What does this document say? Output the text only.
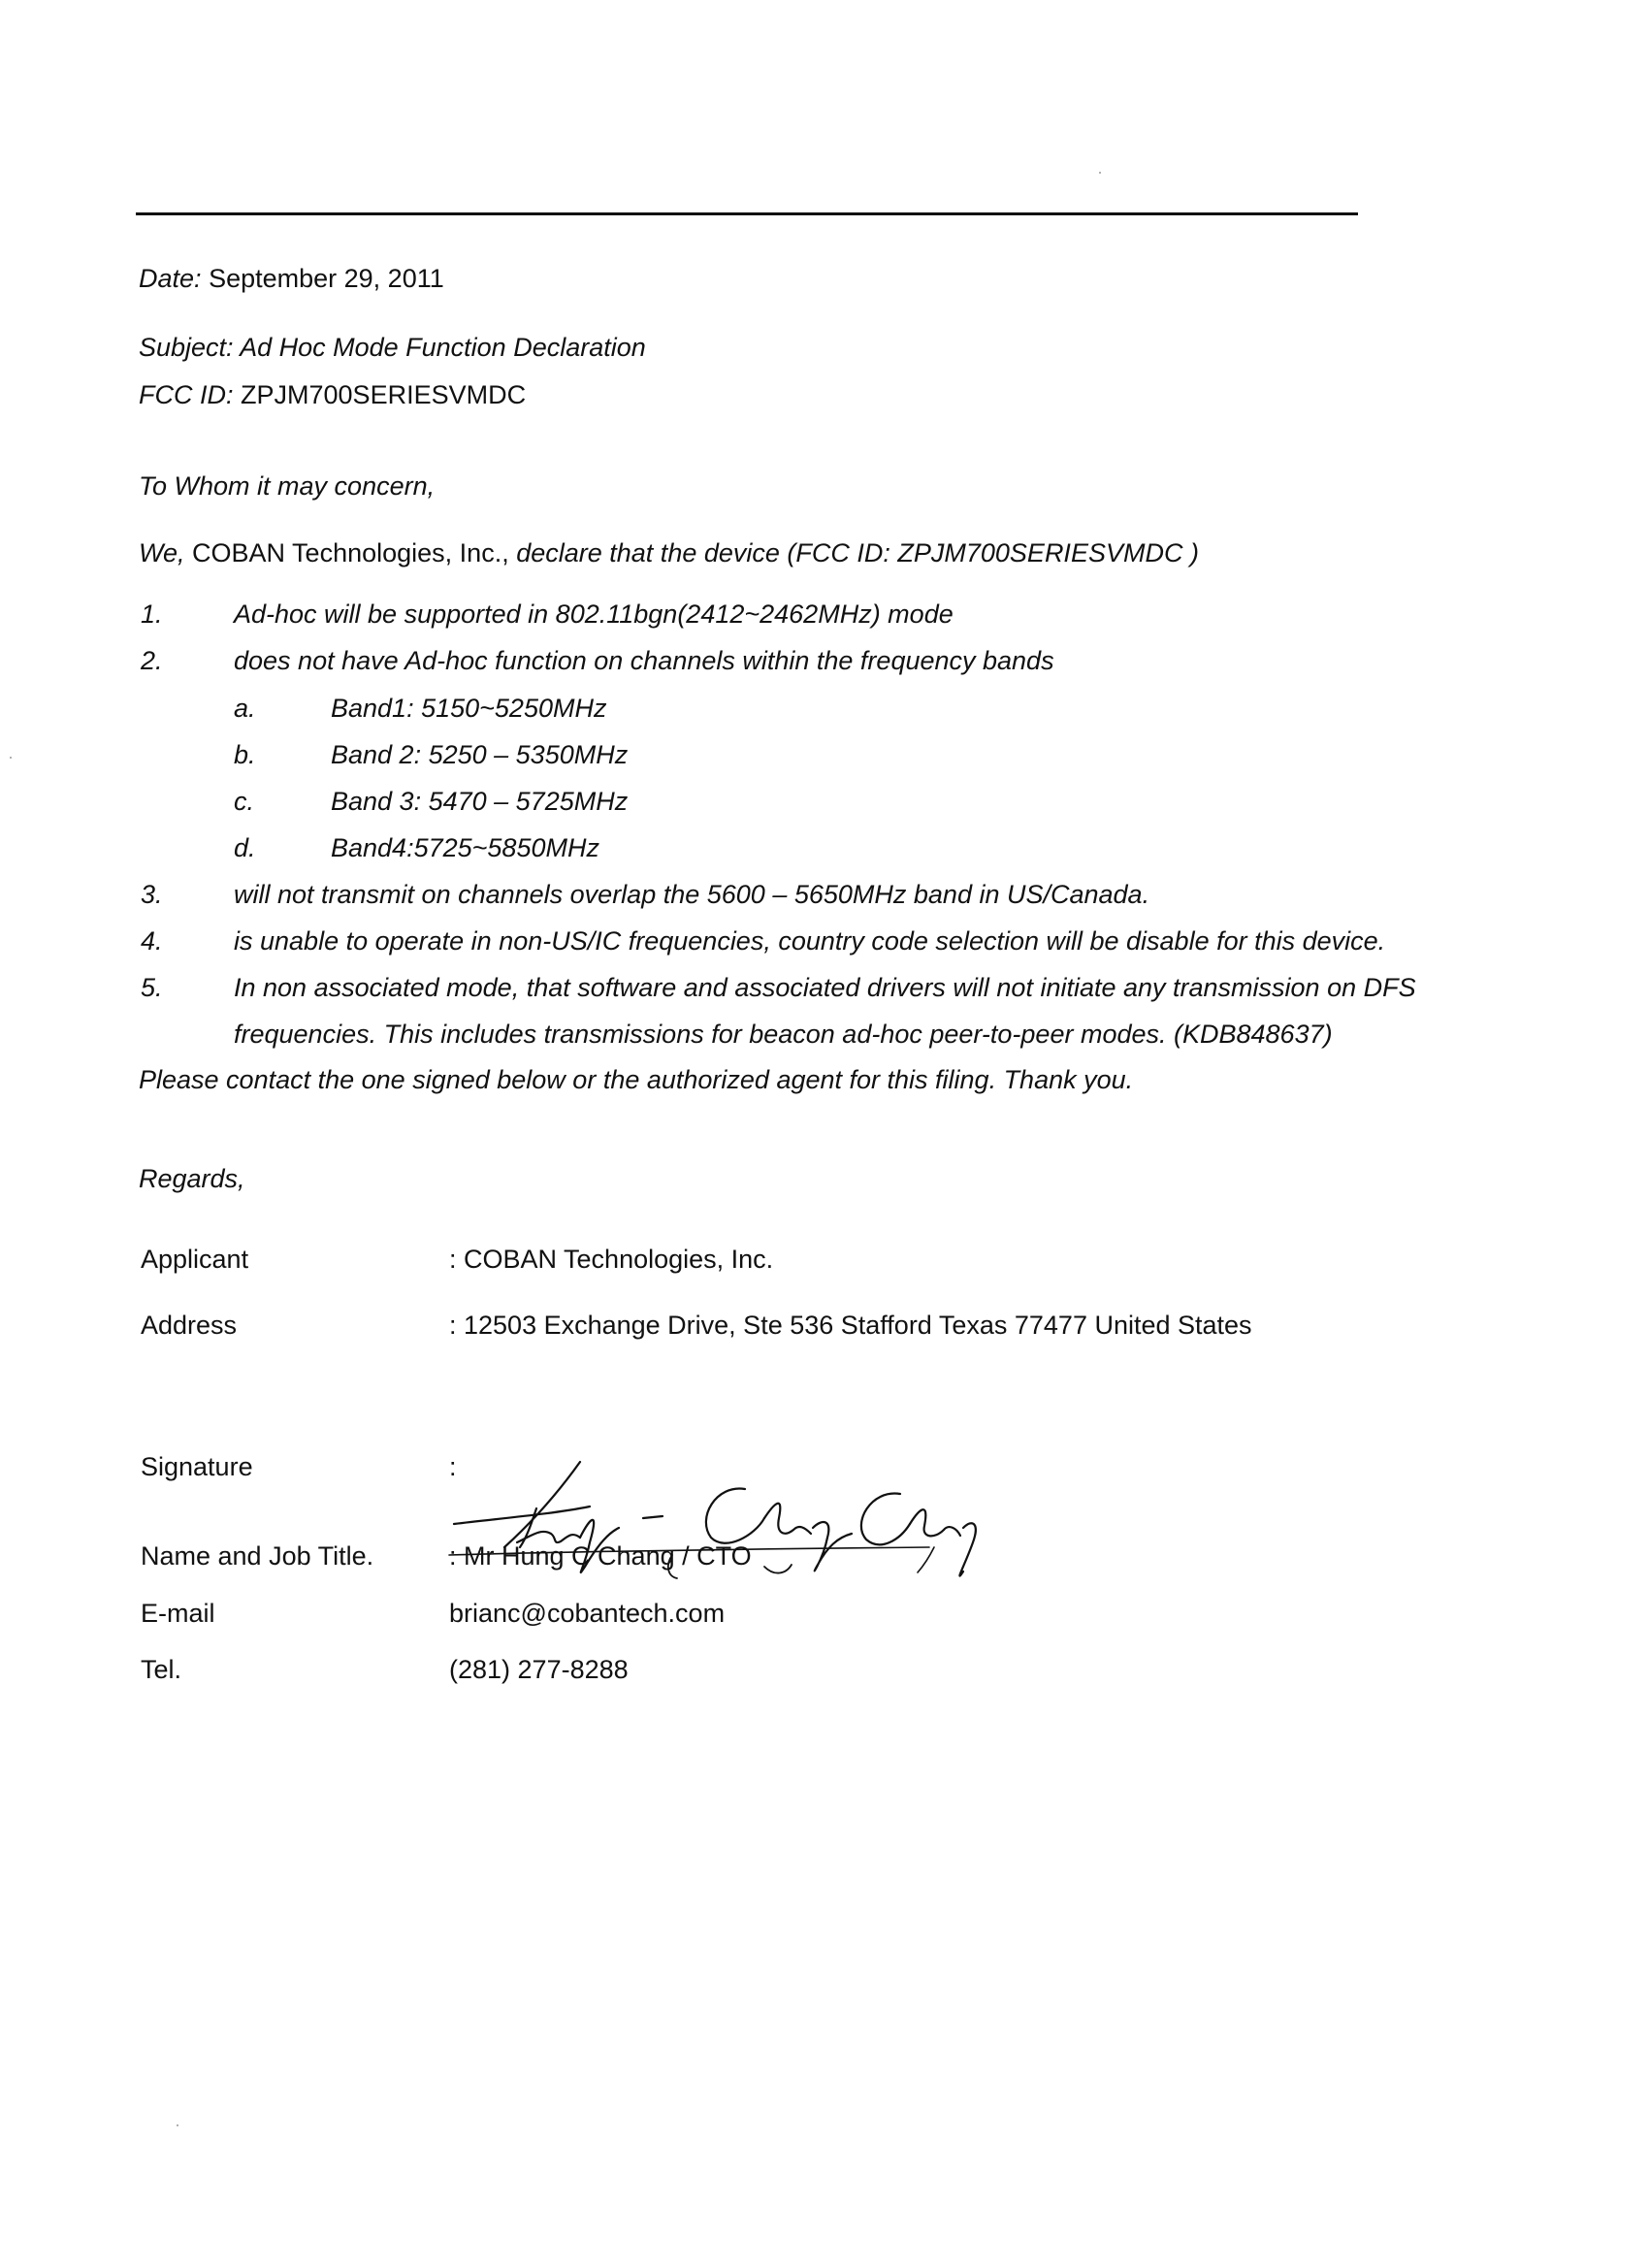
Date: September 29, 2011
Subject: Ad Hoc Mode Function Declaration
FCC ID: ZPJM700SERIESVMDC
To Whom it may concern,
We, COBAN Technologies, Inc., declare that the device (FCC ID: ZPJM700SERIESVMDC )
1.	Ad-hoc will be supported in 802.11bgn(2412~2462MHz) mode
2.	does not have Ad-hoc function on channels within the frequency bands
a.	Band1: 5150~5250MHz
b.	Band 2: 5250 – 5350MHz
c.	Band 3: 5470 – 5725MHz
d.	Band4:5725~5850MHz
3.	will not transmit on channels overlap the 5600 – 5650MHz band in US/Canada.
4.	is unable to operate in non-US/IC frequencies, country code selection will be disable for this device.
5.	In non associated mode, that software and associated drivers will not initiate any transmission on DFS
frequencies. This includes transmissions for beacon ad-hoc peer-to-peer modes. (KDB848637)
Please contact the one signed below or the authorized agent for this filing. Thank you.
Regards,
Applicant	: COBAN Technologies, Inc.
Address	: 12503 Exchange Drive, Ste 536 Stafford Texas 77477 United States
Signature	:
Name and Job Title.	: Mr Hung C Chang / CTO
E-mail	brianc@cobantech.com
Tel.	(281) 277-8288
